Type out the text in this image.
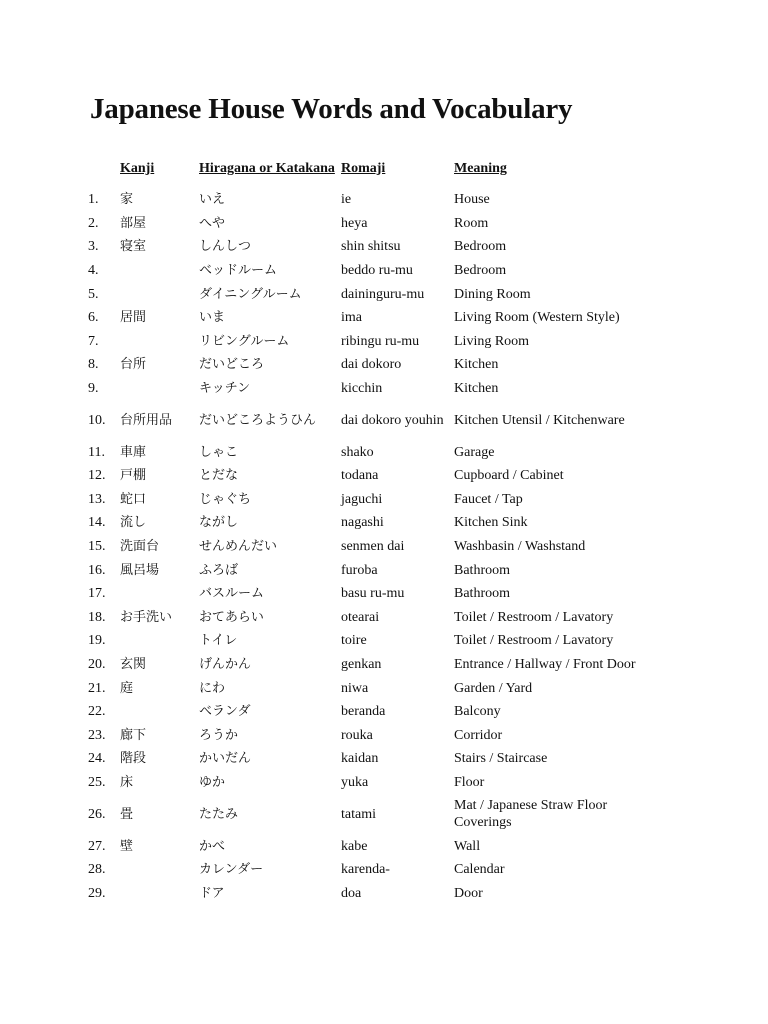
Japanese House Words and Vocabulary
	Kanji	Hiragana or Katakana	Romaji	Meaning
1.	家	いえ	ie	House
2.	部屋	へや	heya	Room
3.	寝室	しんしつ	shin shitsu	Bedroom
4.		ベッドルーム	beddo ru-mu	Bedroom
5.		ダイニングルーム	daininguru-mu	Dining Room
6.	居間	いま	ima	Living Room (Western Style)
7.		リビングルーム	ribingu ru-mu	Living Room
8.	台所	だいどころ	dai dokoro	Kitchen
9.		キッチン	kicchin	Kitchen
10.	台所用品	だいどころようひん	dai dokoro youhin	Kitchen Utensil / Kitchenware
11.	車庫	しゃこ	shako	Garage
12.	戸棚	とだな	todana	Cupboard / Cabinet
13.	蛇口	じゃぐち	jaguchi	Faucet / Tap
14.	流し	ながし	nagashi	Kitchen Sink
15.	洗面台	せんめんだい	senmen dai	Washbasin / Washstand
16.	風呂場	ふろば	furoba	Bathroom
17.		バスルーム	basu ru-mu	Bathroom
18.	お手洗い	おてあらい	otearai	Toilet / Restroom / Lavatory
19.		トイレ	toire	Toilet / Restroom / Lavatory
20.	玄関	げんかん	genkan	Entrance / Hallway / Front Door
21.	庭	にわ	niwa	Garden / Yard
22.		ベランダ	beranda	Balcony
23.	廊下	ろうか	rouka	Corridor
24.	階段	かいだん	kaidan	Stairs / Staircase
25.	床	ゆか	yuka	Floor
26.	畳	たたみ	tatami	Mat / Japanese Straw Floor Coverings
27.	壁	かべ	kabe	Wall
28.		カレンダー	karenda-	Calendar
29.		ドア	doa	Door
